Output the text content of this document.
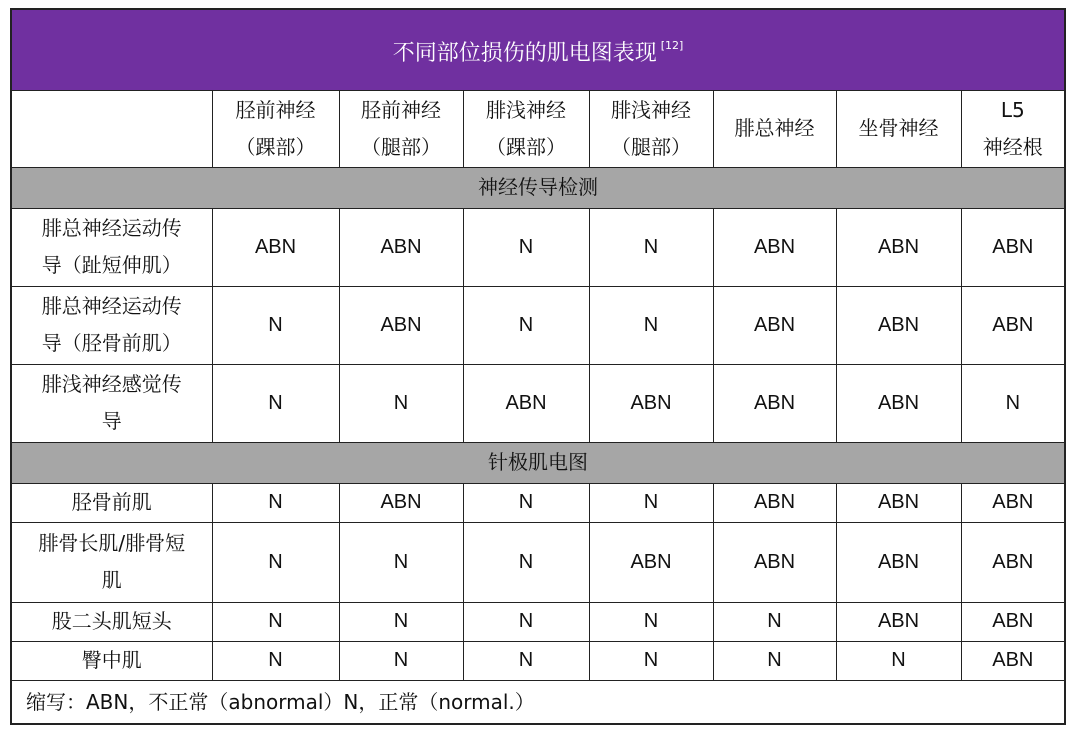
不同部位损伤的肌电图表现 [12]

	胫前神经
（踝部）	胫前神经
（腿部）	腓浅神经
（踝部）	腓浅神经
（腿部）	腓总神经	坐骨神经	L5
神经根

神经传导检测							

腓总神经运动传
导（趾短伸肌）	ABN	ABN	N	N	ABN	ABN	ABN

腓总神经运动传
导（胫骨前肌）	N	ABN	N	N	ABN	ABN	ABN

腓浅神经感觉传
导	N	N	ABN	ABN	ABN	ABN	N
针极肌电图							
胫骨前肌	N	ABN	N	N	ABN	ABN	ABN

腓骨长肌/腓骨短
肌	N	N	N	ABN	ABN	ABN	ABN
股二头肌短头	N	N	N	N	N	ABN	ABN
臀中肌	N	N	N	N	N	N	ABN
缩写：ABN，不正常（abnormal）N，正常（normal.）							
